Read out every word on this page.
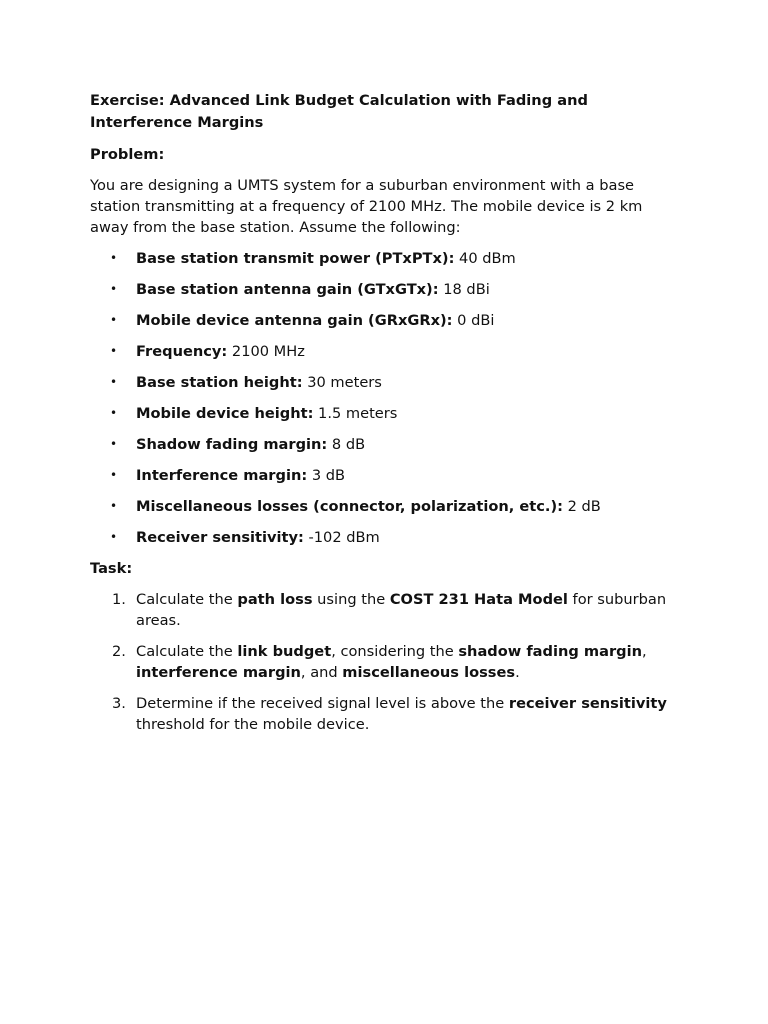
Exercise: Advanced Link Budget Calculation with Fading and Interference Margins
Problem:
You are designing a UMTS system for a suburban environment with a base station transmitting at a frequency of 2100 MHz. The mobile device is 2 km away from the base station. Assume the following:
• Base station transmit power (PTxPTx): 40 dBm
• Base station antenna gain (GTxGTx): 18 dBi
• Mobile device antenna gain (GRxGRx): 0 dBi
• Frequency: 2100 MHz
• Base station height: 30 meters
• Mobile device height: 1.5 meters
• Shadow fading margin: 8 dB
• Interference margin: 3 dB
• Miscellaneous losses (connector, polarization, etc.): 2 dB
• Receiver sensitivity: -102 dBm
Task:
1. Calculate the path loss using the COST 231 Hata Model for suburban areas.
2. Calculate the link budget, considering the shadow fading margin, interference margin, and miscellaneous losses.
3. Determine if the received signal level is above the receiver sensitivity threshold for the mobile device.
